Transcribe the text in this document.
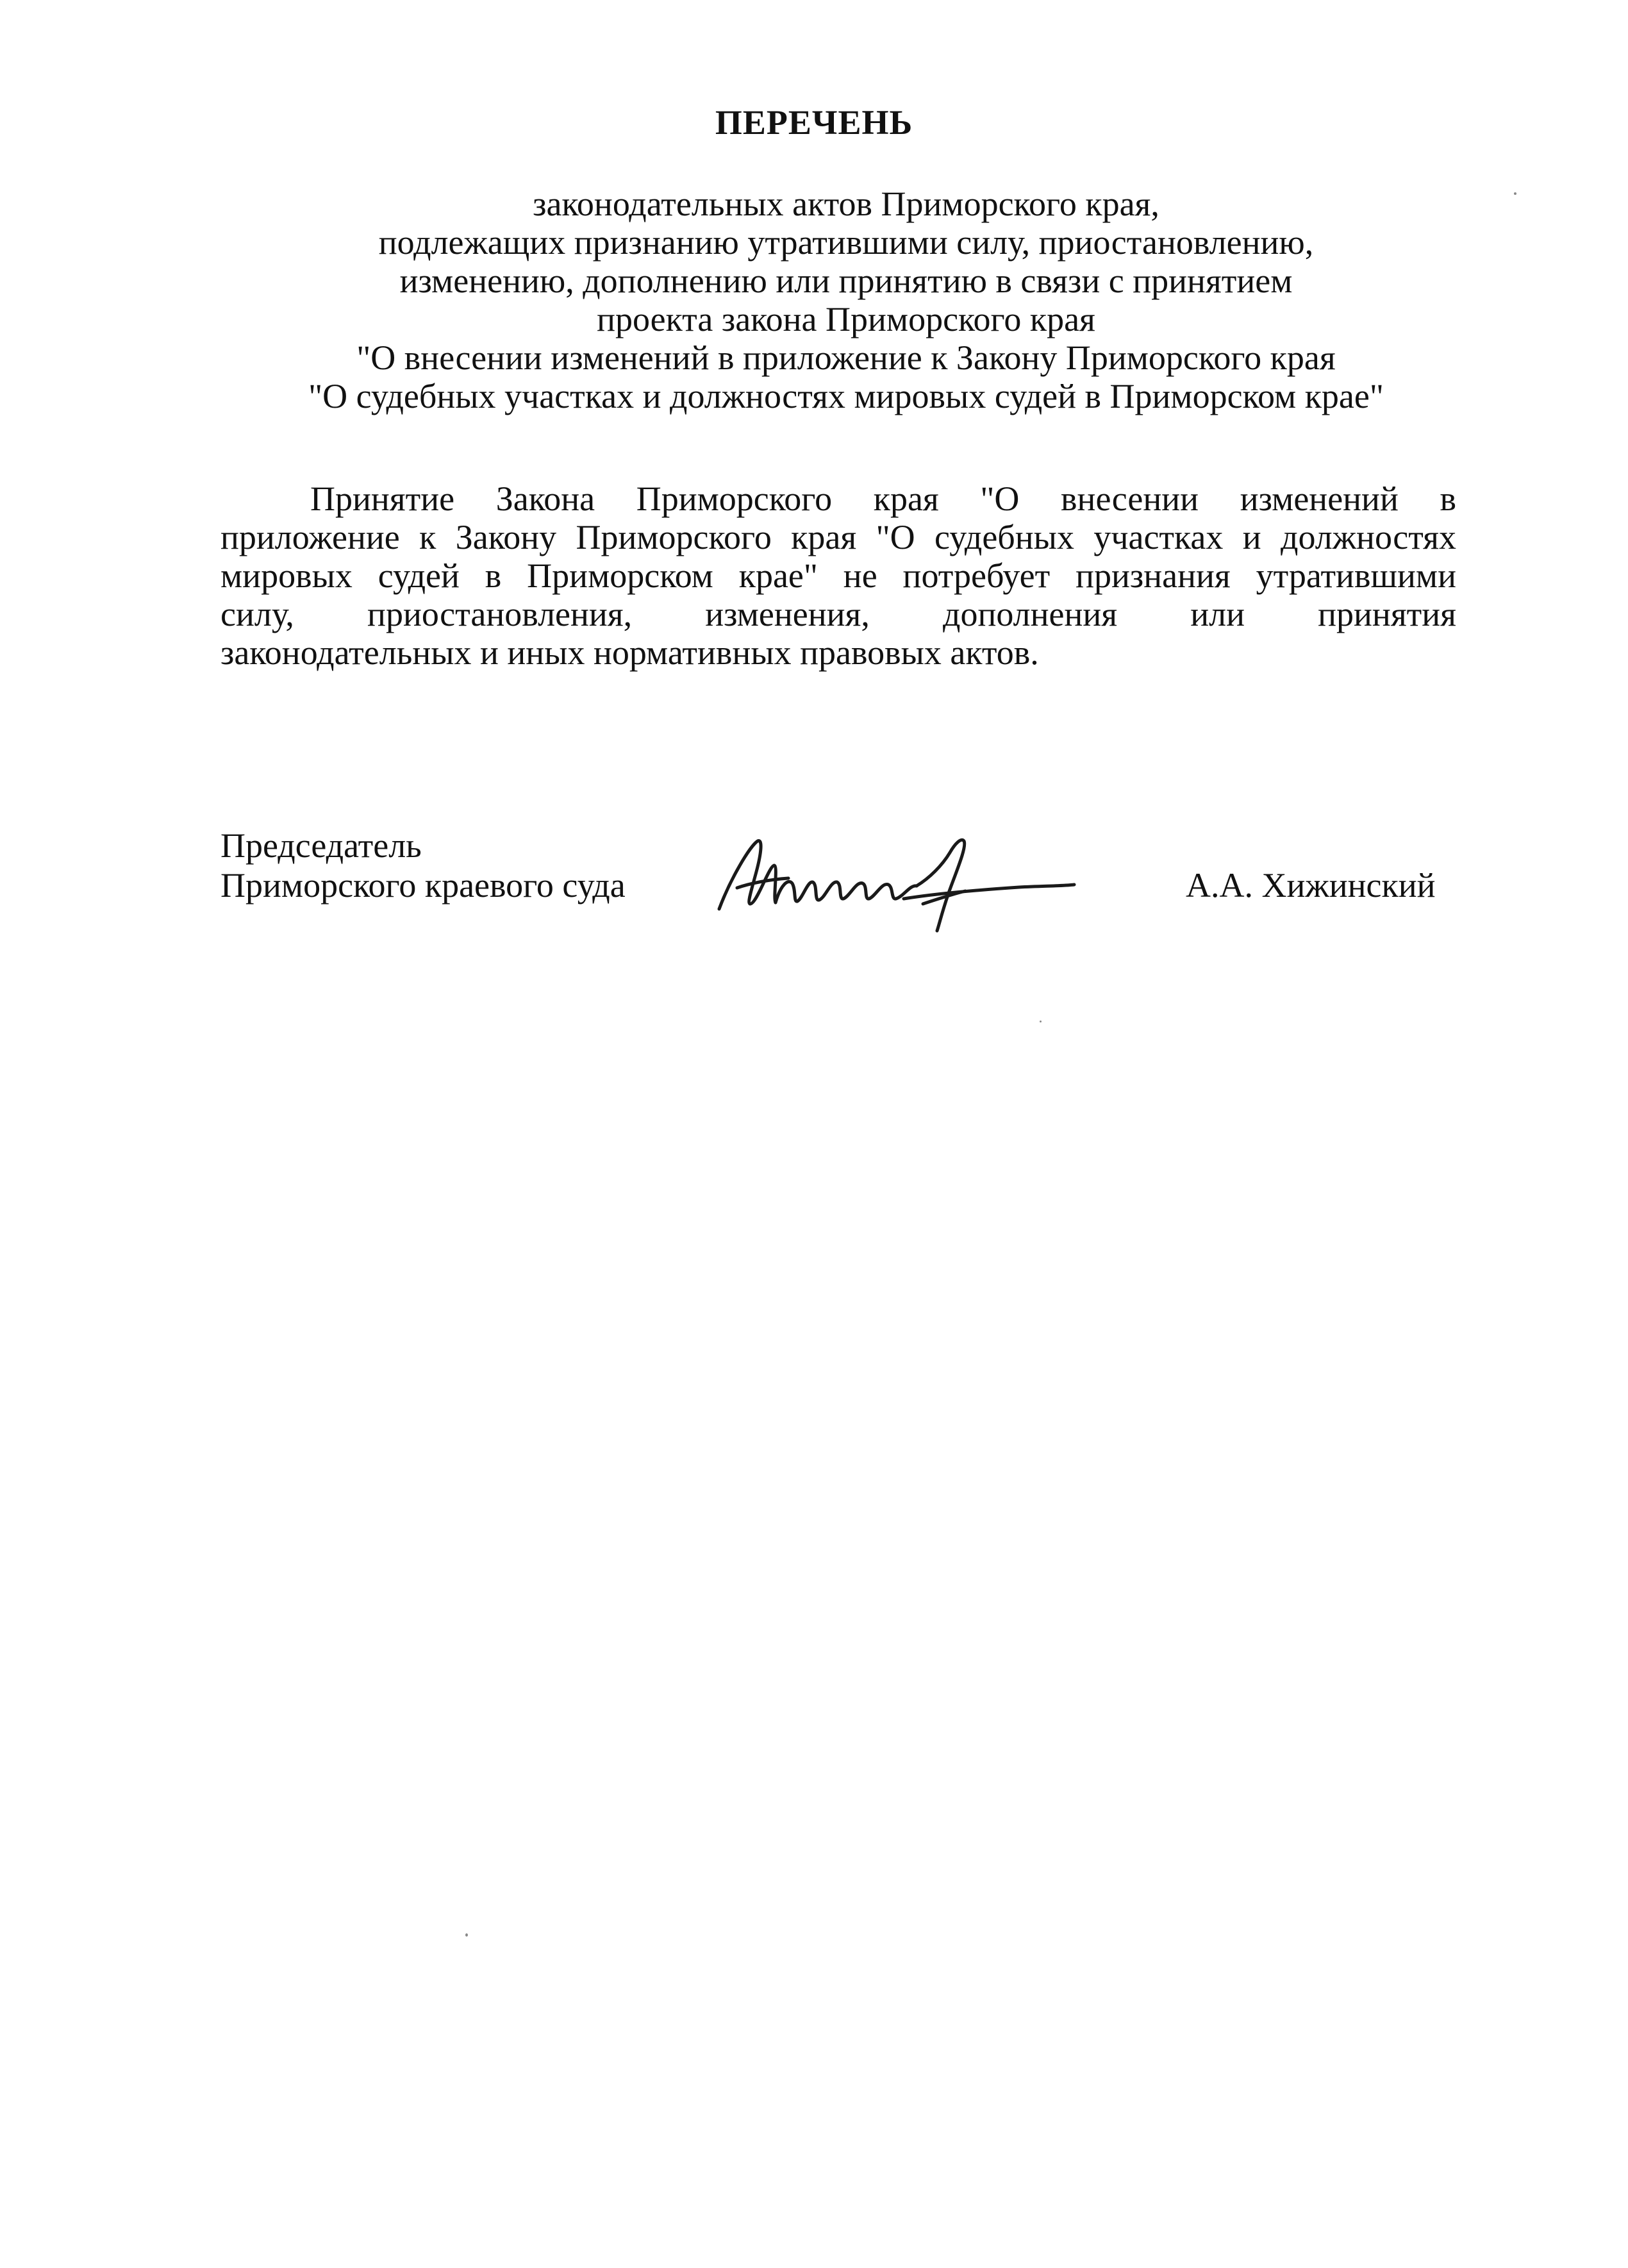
ПЕРЕЧЕНЬ
законодательных актов Приморского края,
подлежащих признанию утратившими силу, приостановлению,
изменению, дополнению или принятию в связи с принятием
проекта закона Приморского края
"О внесении изменений в приложение к Закону Приморского края
"О судебных участках и должностях мировых судей в Приморском крае"
Принятие Закона Приморского края "О внесении изменений в
приложение к Закону Приморского края "О судебных участках и должностях
мировых судей в Приморском крае" не потребует признания утратившими
силу, приостановления, изменения, дополнения или принятия
законодательных и иных нормативных правовых актов.
Председатель
Приморского краевого суда	А.А. Хижинский
